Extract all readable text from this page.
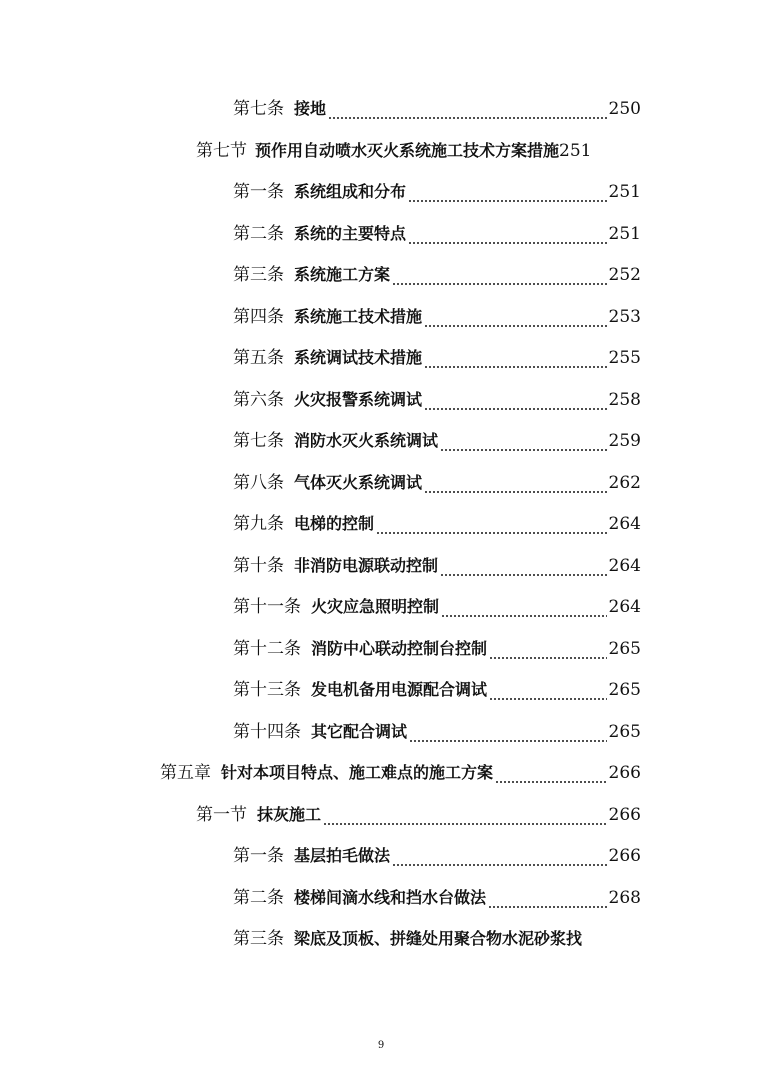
第七条 接地	250
第七节 预作用自动喷水灭火系统施工技术方案措施 251
第一条 系统组成和分布	251
第二条 系统的主要特点	251
第三条 系统施工方案	252
第四条 系统施工技术措施	253
第五条 系统调试技术措施	255
第六条 火灾报警系统调试	258
第七条 消防水灭火系统调试	259
第八条 气体灭火系统调试	262
第九条 电梯的控制	264
第十条 非消防电源联动控制	264
第十一条 火灾应急照明控制	264
第十二条 消防中心联动控制台控制	265
第十三条 发电机备用电源配合调试	265
第十四条 其它配合调试	265
第五章 针对本项目特点、施工难点的施工方案	266
第一节 抹灰施工	266
第一条 基层拍毛做法	266
第二条 楼梯间滴水线和挡水台做法	268
第三条 梁底及顶板、拼缝处用聚合物水泥砂浆找
9
